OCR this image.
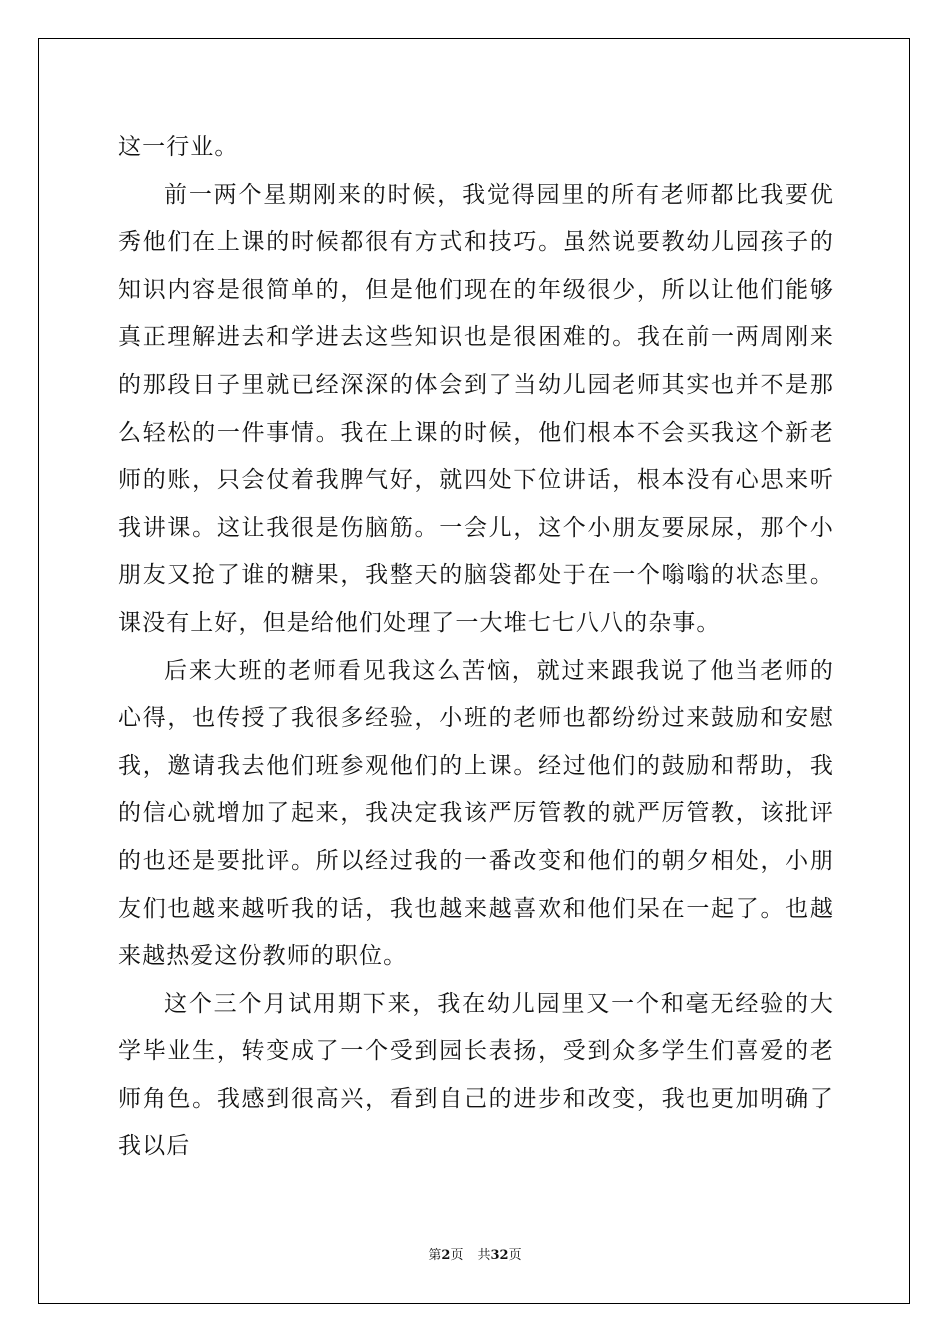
这一行业。

前一两个星期刚来的时候，我觉得园里的所有老师都比我要优秀他们在上课的时候都很有方式和技巧。虽然说要教幼儿园孩子的知识内容是很简单的，但是他们现在的年级很少，所以让他们能够真正理解进去和学进去这些知识也是很困难的。我在前一两周刚来的那段日子里就已经深深的体会到了当幼儿园老师其实也并不是那么轻松的一件事情。我在上课的时候，他们根本不会买我这个新老师的账，只会仗着我脾气好，就四处下位讲话，根本没有心思来听我讲课。这让我很是伤脑筋。一会儿，这个小朋友要尿尿，那个小朋友又抢了谁的糖果，我整天的脑袋都处于在一个嗡嗡的状态里。课没有上好，但是给他们处理了一大堆七七八八的杂事。

后来大班的老师看见我这么苦恼，就过来跟我说了他当老师的心得，也传授了我很多经验，小班的老师也都纷纷过来鼓励和安慰我，邀请我去他们班参观他们的上课。经过他们的鼓励和帮助，我的信心就增加了起来，我决定我该严厉管教的就严厉管教，该批评的也还是要批评。所以经过我的一番改变和他们的朝夕相处，小朋友们也越来越听我的话，我也越来越喜欢和他们呆在一起了。也越来越热爱这份教师的职位。

这个三个月试用期下来，我在幼儿园里又一个和毫无经验的大学毕业生，转变成了一个受到园长表扬，受到众多学生们喜爱的老师角色。我感到很高兴，看到自己的进步和改变，我也更加明确了我以后

第2页 共32页
